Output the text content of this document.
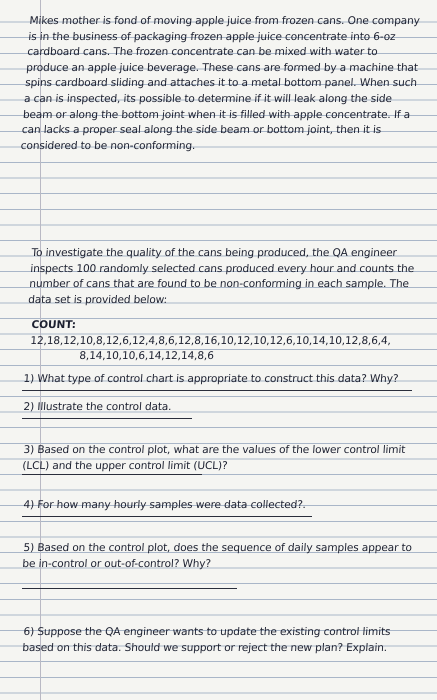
Mikes mother is fond of moving apple juice from frozen cans. One company is in the business of packaging frozen apple juice concentrate into 6-oz cardboard cans. The frozen concentrate can be mixed with water to produce an apple juice beverage. These cans are formed by a machine that spins cardboard sliding and attaches it to a metal bottom panel. When such a can is inspected, its possible to determine if it will leak along the side beam or along the bottom joint when it is filled with apple concentrate. If a can lacks a proper seal along the side beam or bottom joint, then it is considered to be non-conforming.

To investigate the quality of the cans being produced, the QA engineer inspects 100 randomly selected cans produced every hour and counts the number of cans that are found to be non-conforming in each sample. The data set is provided below:

COUNT: 12,18,12,10,8,12,6,12,4,8,6,12,8,16,10,12,10,12,6,10,14,10,12,8,6,4,
8,14,10,10,6,14,12,14,8,6
1) What type of control chart is appropriate to construct this data? Why?
2) Illustrate the control data.
3) Based on the control plot, what are the values of the lower control limit (LCL) and the upper control limit (UCL)?
4) For how many hourly samples were data collected?.
5) Based on the control plot, does the sequence of daily samples appear to be in-control or out-of-control? Why?
6) Suppose the QA engineer wants to update the existing control limits based on this data. Should we support or reject the new plan? Explain.
